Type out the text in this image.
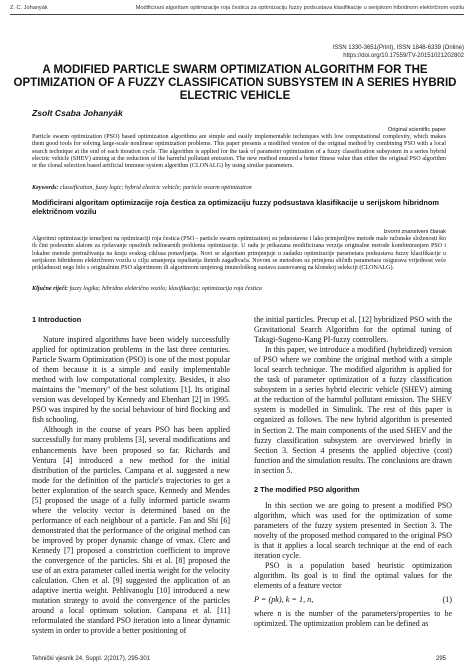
Z. C. Johanyák	Modificirani algoritam optimizacije roja čestica za optimizaciju fuzzy podsustava klasifikacije u serijskom hibridnom električnom vozilu
ISSN 1330-3651(Print), ISSN 1848-6339 (Online)
https://doi.org/10.17559/TV-20151021202802
A MODIFIED PARTICLE SWARM OPTIMIZATION ALGORITHM FOR THE OPTIMIZATION OF A FUZZY CLASSIFICATION SUBSYSTEM IN A SERIES HYBRID ELECTRIC VEHICLE
Zsolt Csaba Johanyák
Original scientific paper
Particle swarm optimization (PSO) based optimization algorithms are simple and easily implementable techniques with low computational complexity, which makes them good tools for solving large-scale nonlinear optimization problems. This paper presents a modified version of the original method by combining PSO with a local search technique at the end of each iteration cycle. The algorithm is applied for the task of parameter optimization of a fuzzy classification subsystem in a series hybrid electric vehicle (SHEV) aiming at the reduction of the harmful pollutant emission. The new method ensured a better fitness value than either the original PSO algorithm or the clonal selection based artificial immune system algorithm (CLONALG) by using similar parameters.
Keywords: classification, fuzzy logic; hybrid electric vehicle; particle swarm optimization
Modificirani algoritam optimizacije roja čestica za optimizaciju fuzzy podsustava klasifikacije u serijskom hibridnom električnom vozilu
Izvorni znanstveni članak
Algoritmi optimizacije temeljeni na optimizaciji roja čestica (PSO - particle swarm optimization) su jednostavne i lako primjenljive metode male računske složenosti što ih čini podesnim alatom za rješavanje opsežnih nelinearnih problema optimizacije. U radu je prikazana modificirana verzija originalne metode kombiniranjem PSO i lokalne metode pretraživanja na kraju svakog ciklusa ponavljanja. Novi se algoritam primjenjuje u zadatku optimizacije parametara podsustava fuzzy klasifikacije u serijskom hibridnom električnom vozilu u cilju smanjenja ispuštanja štetnih zagađivača. Novom se metodom uz primjenu sličnih parametara osigurava vrijednost veće prikladnosti nego bilo s originalnim PSO algoritmom ili algoritmom umjetnog imunološkog sustava zasnovanog na klonskoj selekciji (CLONALG).
Ključne riječi: fuzzy logika; hibridno električno vozilo; klasifikacija; optimizacija roja čestica
1 Introduction

Nature inspired algorithms have been widely successfully applied for optimization problems in the last three centuries. Particle Swarm Optimization (PSO) is one of the most popular of them because it is a simple and easily implementable method with low computational complexity. Besides, it also maintains the "memory" of the best solutions [1]. Its original version was developed by Kennedy and Ebenhart [2] in 1995. PSO was inspired by the social behaviour of bird flocking and fish schooling.

Although in the course of years PSO has been applied successfully for many problems [3], several modifications and enhancements have been proposed so far. Richards and Ventura [4] introduced a new method for the initial distribution of the particles. Campana et al. suggested a new mode for the definition of the particle's trajectories to get a better exploration of the search space. Kennedy and Mendes [5] proposed the usage of a fully informed particle swarm where the velocity vector is determined based on the performance of each neighbour of a particle. Fan and Shi [6] demonstrated that the performance of the original method can be improved by proper dynamic change of vmax. Clerc and Kennedy [7] proposed a constriction coefficient to improve the convergence of the particles. Shi et al. [8] proposed the use of an extra parameter called inertia weight for the velocity calculation. Chen et al. [9] suggested the application of an adaptive inertia weight. Pehlivanoglu [10] introduced a new mutation strategy to avoid the convergence of the particles around a local optimum solution. Campana et al. [11] reformulated the standard PSO iteration into a linear dynamic system in order to provide a better positioning of

the initial particles. Precup et al. [12] hybridized PSO with the Gravitational Search Algorithm for the optimal tuning of Takagi-Sugeno-Kang PI-fuzzy controllers.

In this paper, we introduce a modified (hybridized) version of PSO where we combine the original method with a simple local search technique. The modified algorithm is applied for the task of parameter optimization of a fuzzy classification subsystem in a series hybrid electric vehicle (SHEV) aiming at the reduction of the harmful pollutant emission. The SHEV system is modelled in Simulink. The rest of this paper is organized as follows. The new hybrid algorithm is presented in Section 2. The main components of the used SHEV and the fuzzy classification subsystem are overviewed briefly in Section 3. Section 4 presents the applied objective (cost) function and the simulation results. The conclusions are drawn in section 5.

2 The modified PSO algorithm

In this section we are going to present a modified PSO algorithm, which was used for the optimization of some parameters of the fuzzy system presented in Section 3. The novelty of the proposed method compared to the original PSO is that it applies a local search technique at the end of each iteration cycle.

PSO is a population based heuristic optimization algorithm. Its goal is to find the optimal values for the elements of a feature vector

P = (pk), k = 1, n,	(1)

where n is the number of the parameters/properties to be optimized. The optimization problem can be defined as

Tehnički vjesnik 24, Suppl. 2(2017), 295-301	295
